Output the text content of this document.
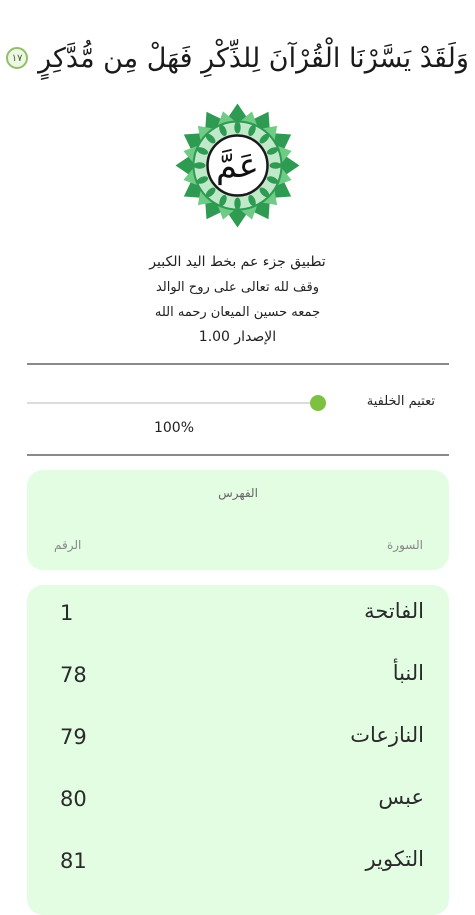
وَلَقَدْ يَسَّرْنَا الْقُرْآنَ لِلذِّكْرِ فَهَلْ مِن مُّدَّكِرٍ
١٧
عَمَّ
تطبيق جزء عم بخط اليد الكبير
وقف لله تعالى على روح الوالد
جمعه حسين الميعان رحمه الله
الإصدار 1.00
تعتيم الخلفية
100%
الفهرس
السورة
الرقم
الفاتحة
1
النبأ
78
النازعات
79
عبس
80
التكوير
81
